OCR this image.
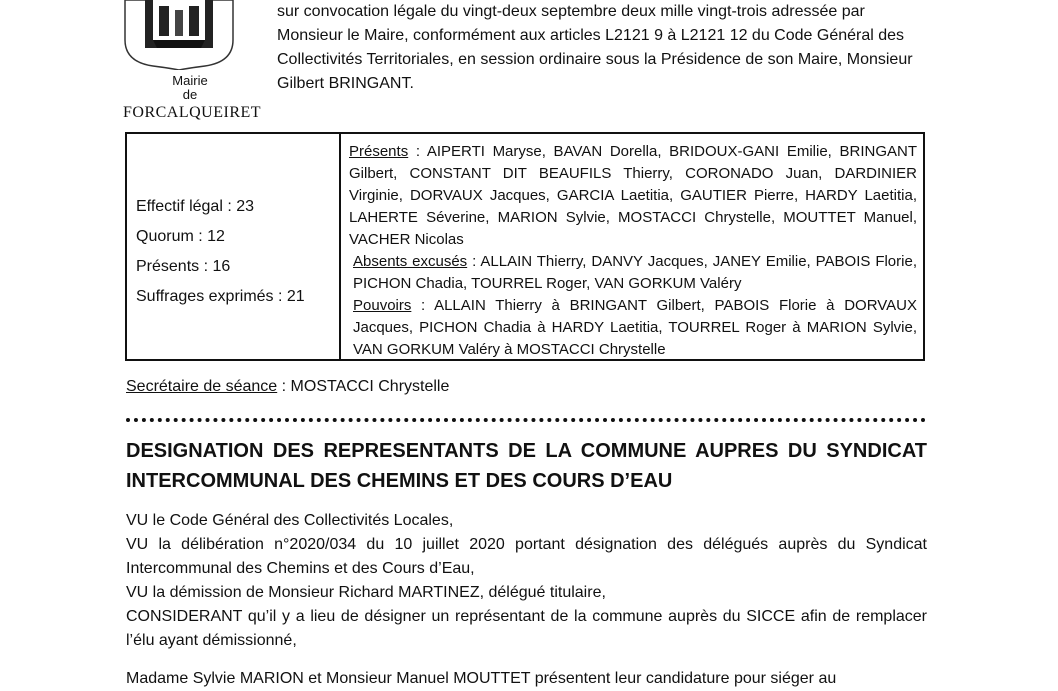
Mairie
de
FORCALQUEIRET

sur convocation légale du vingt-deux septembre deux mille vingt-trois adressée par Monsieur le Maire, conformément aux articles L2121 9 à L2121 12 du Code Général des Collectivités Territoriales, en session ordinaire sous la Présidence de son Maire, Monsieur Gilbert BRINGANT.

Effectif légal : 23
Quorum : 12
Présents : 16
Suffrages exprimés : 21

Présents : AIPERTI Maryse, BAVAN Dorella, BRIDOUX-GANI Emilie, BRINGANT Gilbert, CONSTANT DIT BEAUFILS Thierry, CORONADO Juan, DARDINIER Virginie, DORVAUX Jacques, GARCIA Laetitia, GAUTIER Pierre, HARDY Laetitia, LAHERTE Séverine, MARION Sylvie, MOSTACCI Chrystelle, MOUTTET Manuel, VACHER Nicolas

Absents excusés : ALLAIN Thierry, DANVY Jacques, JANEY Emilie, PABOIS Florie, PICHON Chadia, TOURREL Roger, VAN GORKUM Valéry

Pouvoirs : ALLAIN Thierry à BRINGANT Gilbert, PABOIS Florie à DORVAUX Jacques, PICHON Chadia à HARDY Laetitia, TOURREL Roger à MARION Sylvie, VAN GORKUM Valéry à MOSTACCI Chrystelle

Secrétaire de séance : MOSTACCI Chrystelle
DESIGNATION DES REPRESENTANTS DE LA COMMUNE AUPRES DU SYNDICAT INTERCOMMUNAL DES CHEMINS ET DES COURS D’EAU

VU le Code Général des Collectivités Locales,

VU la délibération n°2020/034 du 10 juillet 2020 portant désignation des délégués auprès du Syndicat Intercommunal des Chemins et des Cours d’Eau,

VU la démission de Monsieur Richard MARTINEZ, délégué titulaire,

CONSIDERANT qu’il y a lieu de désigner un représentant de la commune auprès du SICCE afin de remplacer l’élu ayant démissionné,

Madame Sylvie MARION et Monsieur Manuel MOUTTET présentent leur candidature pour siéger au
